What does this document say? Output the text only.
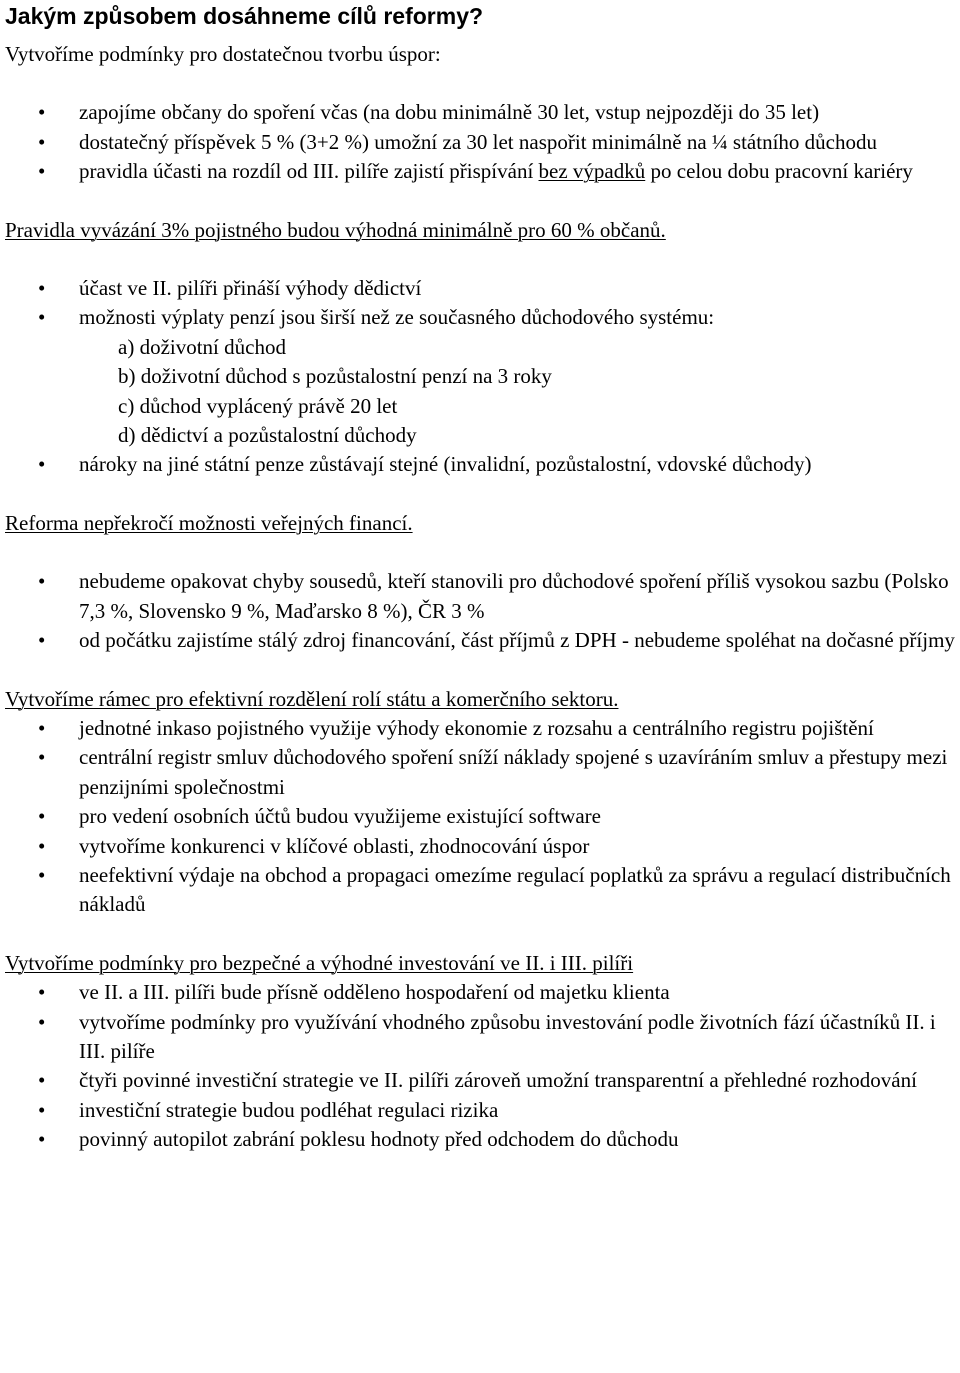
Jakým způsobem dosáhneme cílů reformy?

Vytvoříme podmínky pro dostatečnou tvorbu úspor:

• zapojíme občany do spoření včas (na dobu minimálně 30 let, vstup nejpozději do 35 let)
• dostatečný příspěvek 5 % (3+2 %) umožní za 30 let naspořit minimálně na ¼ státního důchodu
• pravidla účasti na rozdíl od III. pilíře zajistí přispívání bez výpadků po celou dobu pracovní kariéry

Pravidla vyvázání 3% pojistného budou výhodná minimálně pro 60 % občanů.

• účast ve II. pilíři přináší výhody dědictví
• možnosti výplaty penzí jsou širší než ze současného důchodového systému:
a) doživotní důchod
b) doživotní důchod s pozůstalostní penzí na 3 roky
c) důchod vyplácený právě 20 let
d) dědictví a pozůstalostní důchody
• nároky na jiné státní penze zůstávají stejné (invalidní, pozůstalostní, vdovské důchody)

Reforma nepřekročí možnosti veřejných financí.

• nebudeme opakovat chyby sousedů, kteří stanovili pro důchodové spoření příliš vysokou sazbu (Polsko 7,3 %, Slovensko 9 %, Maďarsko 8 %), ČR 3 %
• od počátku zajistíme stálý zdroj financování, část příjmů z DPH - nebudeme spoléhat na dočasné příjmy

Vytvoříme rámec pro efektivní rozdělení rolí státu a komerčního sektoru.

• jednotné inkaso pojistného využije výhody ekonomie z rozsahu a centrálního registru pojištění
• centrální registr smluv důchodového spoření sníží náklady spojené s uzavíráním smluv a přestupy mezi penzijními společnostmi
• pro vedení osobních účtů budou využijeme existující software
• vytvoříme konkurenci v klíčové oblasti, zhodnocování úspor
• neefektivní výdaje na obchod a propagaci omezíme regulací poplatků za správu a regulací distribučních nákladů

Vytvoříme podmínky pro bezpečné a výhodné investování ve II. i III. pilíři

• ve II. a III. pilíři bude přísně odděleno hospodaření od majetku klienta
• vytvoříme podmínky pro využívání vhodného způsobu investování podle životních fází účastníků II. i III. pilíře
• čtyři povinné investiční strategie ve II. pilíři zároveň umožní transparentní a přehledné rozhodování
• investiční strategie budou podléhat regulaci rizika
• povinný autopilot zabrání poklesu hodnoty před odchodem do důchodu
